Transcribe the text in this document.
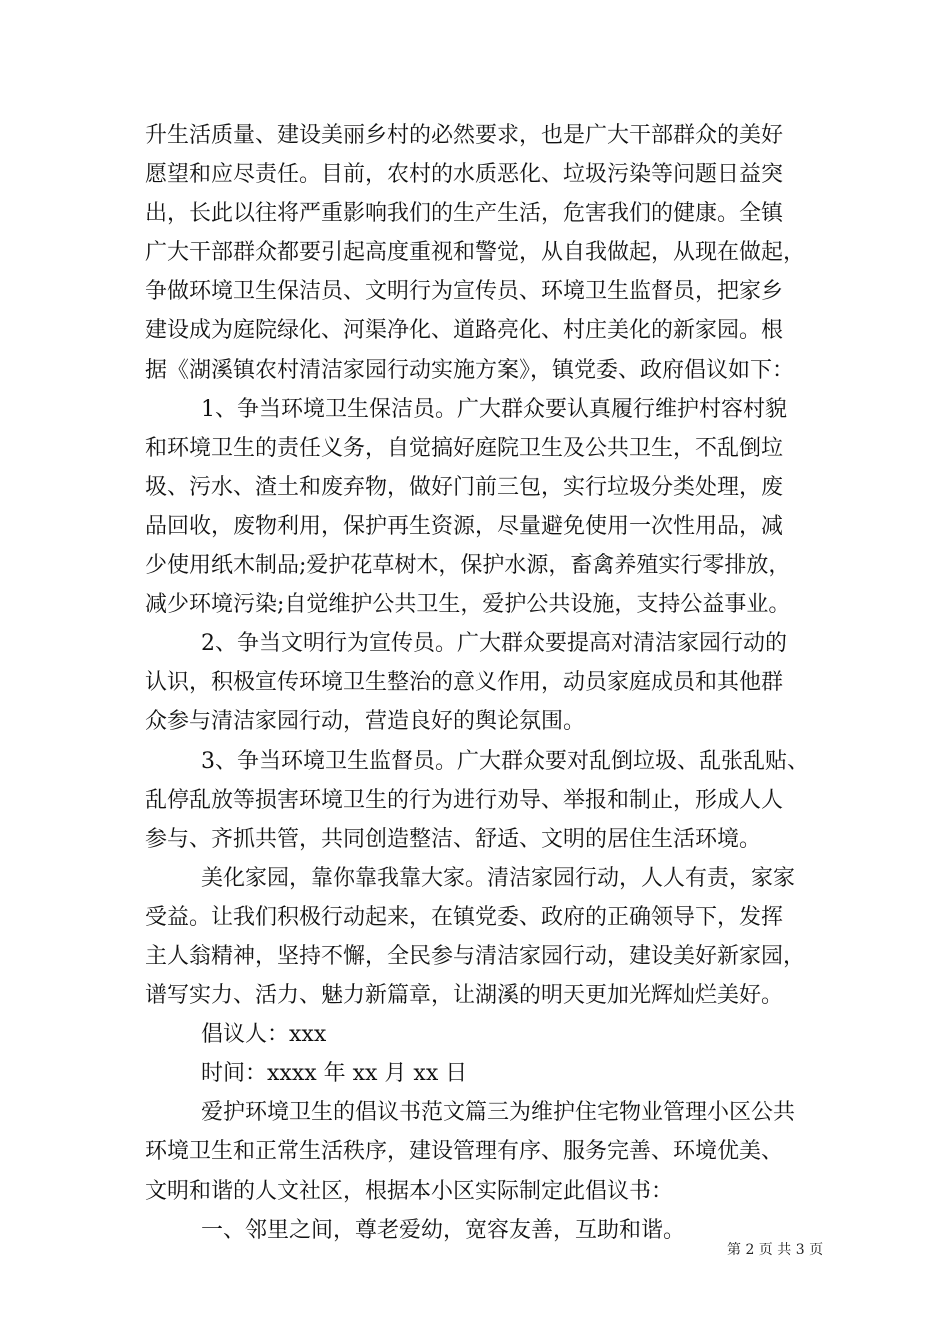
升生活质量、建设美丽乡村的必然要求，也是广大干部群众的美好
愿望和应尽责任。目前，农村的水质恶化、垃圾污染等问题日益突
出，长此以往将严重影响我们的生产生活，危害我们的健康。全镇
广大干部群众都要引起高度重视和警觉，从自我做起，从现在做起，
争做环境卫生保洁员、文明行为宣传员、环境卫生监督员，把家乡
建设成为庭院绿化、河渠净化、道路亮化、村庄美化的新家园。根
据《湖溪镇农村清洁家园行动实施方案》，镇党委、政府倡议如下：
1、争当环境卫生保洁员。广大群众要认真履行维护村容村貌
和环境卫生的责任义务，自觉搞好庭院卫生及公共卫生，不乱倒垃
圾、污水、渣土和废弃物，做好门前三包，实行垃圾分类处理，废
品回收，废物利用，保护再生资源，尽量避免使用一次性用品，减
少使用纸木制品;爱护花草树木，保护水源，畜禽养殖实行零排放，
减少环境污染;自觉维护公共卫生，爱护公共设施，支持公益事业。
2、争当文明行为宣传员。广大群众要提高对清洁家园行动的
认识，积极宣传环境卫生整治的意义作用，动员家庭成员和其他群
众参与清洁家园行动，营造良好的舆论氛围。
3、争当环境卫生监督员。广大群众要对乱倒垃圾、乱张乱贴、
乱停乱放等损害环境卫生的行为进行劝导、举报和制止，形成人人
参与、齐抓共管，共同创造整洁、舒适、文明的居住生活环境。
美化家园，靠你靠我靠大家。清洁家园行动，人人有责，家家
受益。让我们积极行动起来，在镇党委、政府的正确领导下，发挥
主人翁精神，坚持不懈，全民参与清洁家园行动，建设美好新家园，
谱写实力、活力、魅力新篇章，让湖溪的明天更加光辉灿烂美好。
倡议人：xxx
时间：xxxx 年 xx 月 xx 日
爱护环境卫生的倡议书范文篇三为维护住宅物业管理小区公共
环境卫生和正常生活秩序，建设管理有序、服务完善、环境优美、
文明和谐的人文社区，根据本小区实际制定此倡议书：
一、邻里之间，尊老爱幼，宽容友善，互助和谐。
第 2 页 共 3 页
